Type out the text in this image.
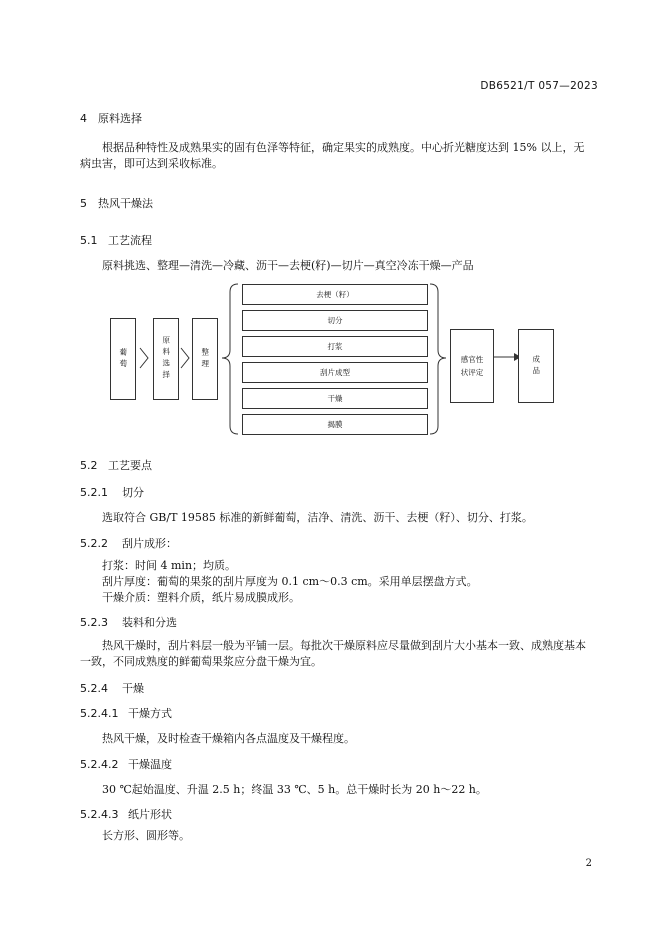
DB6521/T 057—2023
4 原料选择
根据品种特性及成熟果实的固有色泽等特征，确定果实的成熟度。中心折光糖度达到 15% 以上，无病虫害，即可达到采收标准。
5 热风干燥法
5.1 工艺流程
原料挑选、整理—清洗—冷藏、沥干—去梗(籽)—切片—真空冷冻干燥—产品
葡萄	原料选择	整理
去梗（籽）
切分
打浆
刮片成型
干燥
揭膜
感官性状评定	成品
5.2 工艺要点
5.2.1 切分
选取符合 GB/T 19585 标准的新鲜葡萄，洁净、清洗、沥干、去梗（籽）、切分、打浆。
5.2.2 刮片成形：
打浆：时间 4 min；均质。
刮片厚度：葡萄的果浆的刮片厚度为 0.1 cm～0.3 cm。采用单层摆盘方式。
干燥介质：塑料介质，纸片易成膜成形。
5.2.3 装料和分选
热风干燥时，刮片料层一般为平铺一层。每批次干燥原料应尽量做到刮片大小基本一致、成熟度基本一致，不同成熟度的鲜葡萄果浆应分盘干燥为宜。
5.2.4 干燥
5.2.4.1 干燥方式
热风干燥，及时检查干燥箱内各点温度及干燥程度。
5.2.4.2 干燥温度
30 ℃起始温度、升温 2.5 h；终温 33 ℃、5 h。总干燥时长为 20 h～22 h。
5.2.4.3 纸片形状
长方形、圆形等。
2
